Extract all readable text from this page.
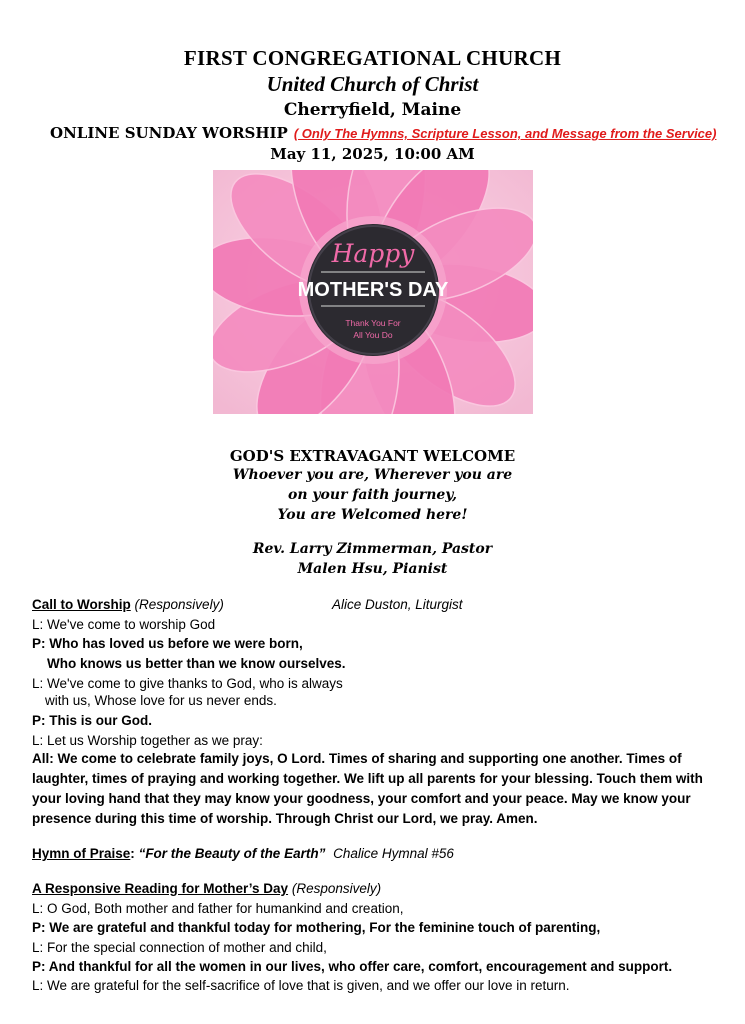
FIRST CONGREGATIONAL CHURCH
United Church of Christ
Cherryfield, Maine
ONLINE SUNDAY WORSHIP ( Only The Hymns, Scripture Lesson, and Message from the Service)
May 11, 2025, 10:00 AM
Happy
MOTHER'S DAY
Thank You For
All You Do
GOD'S EXTRAVAGANT WELCOME
Whoever you are, Wherever you are
on your faith journey,
You are Welcomed here!
Rev. Larry Zimmerman, Pastor
Malen Hsu, Pianist
Call to Worship (Responsively)	Alice Duston, Liturgist
L: We've come to worship God
P: Who has loved us before we were born,
Who knows us better than we know ourselves.
L: We've come to give thanks to God, who is always
with us, Whose love for us never ends.
P: This is our God.
L: Let us Worship together as we pray:
All: We come to celebrate family joys, O Lord. Times of sharing and supporting one another. Times of laughter, times of praying and working together. We lift up all parents for your blessing. Touch them with your loving hand that they may know your goodness, your comfort and your peace. May we know your presence during this time of worship. Through Christ our Lord, we pray. Amen.
Hymn of Praise: “For the Beauty of the Earth” Chalice Hymnal #56
A Responsive Reading for Mother’s Day (Responsively)
L: O God, Both mother and father for humankind and creation,
P: We are grateful and thankful today for mothering, For the feminine touch of parenting,
L: For the special connection of mother and child,
P: And thankful for all the women in our lives, who offer care, comfort, encouragement and support.
L: We are grateful for the self-sacrifice of love that is given, and we offer our love in return.
